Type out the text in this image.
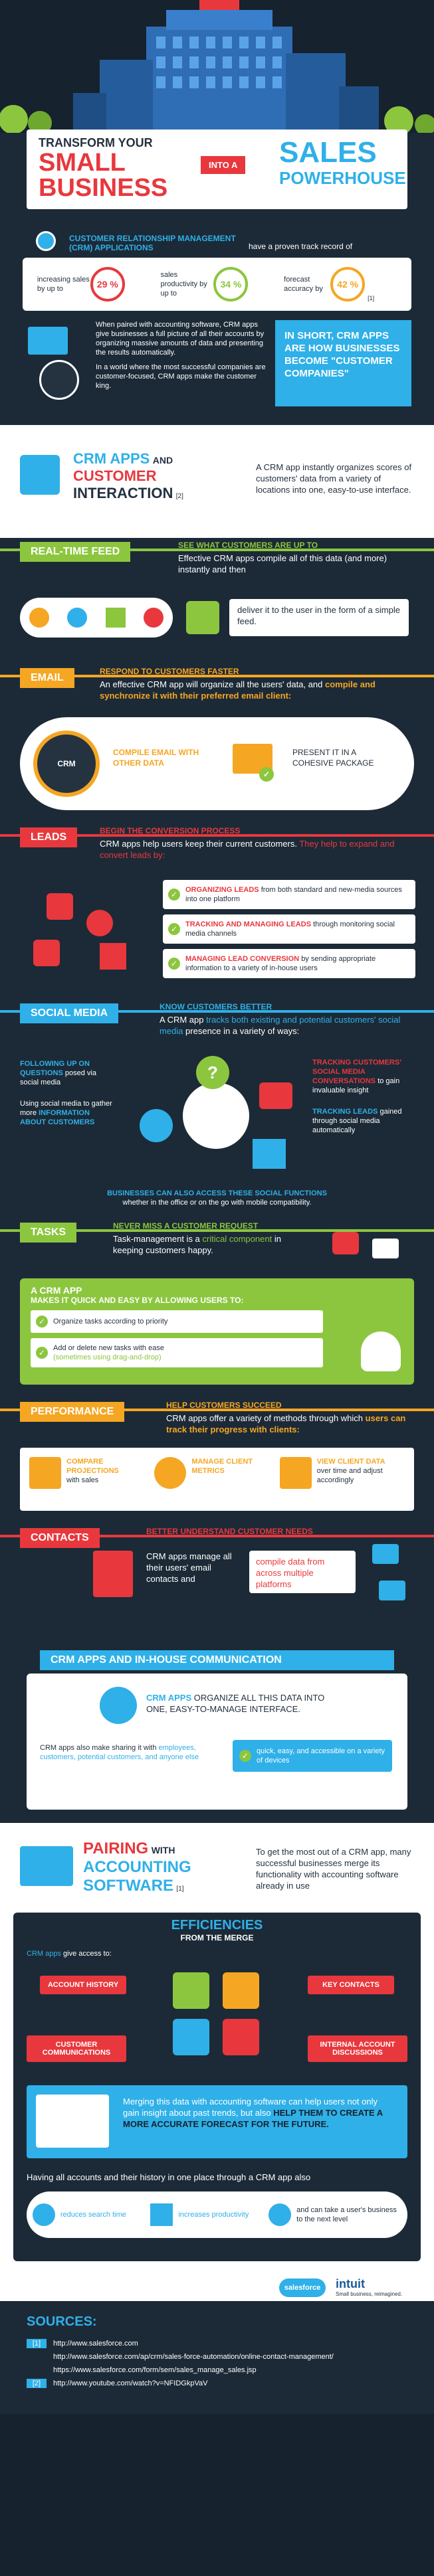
TRANSFORM YOUR
SMALL
BUSINESS
INTO A SALES
POWERHOUSE
CUSTOMER RELATIONSHIP MANAGEMENT (CRM) APPLICATIONS	have a proven track record of
increasing sales by up to	29 %
sales productivity by up to
34 %	forecast accuracy by	42 %
[1]
When paired with accounting software, CRM apps give businesses a full picture of all their accounts by organizing massive amounts of data and presenting the results automatically.
In a world where the most successful companies are customer-focused, CRM apps make the customer king.
IN SHORT, CRM APPS ARE HOW BUSINESSES BECOME "CUSTOMER COMPANIES"
CRM APPS AND
CUSTOMER
INTERACTION [2]
A CRM app instantly organizes scores of customers' data from a variety of locations into one, easy-to-use interface.
REAL-TIME FEED
SEE WHAT CUSTOMERS ARE UP TO
Effective CRM apps compile all of this data (and more) instantly and then
deliver it to the user in the form of a simple feed.
EMAIL
RESPOND TO CUSTOMERS FASTER
An effective CRM app will organize all the users' data, and compile and synchronize it with their preferred email client:
CRM
COMPILE EMAIL WITH OTHER DATA
✓
PRESENT IT IN A COHESIVE PACKAGE
LEADS
BEGIN THE CONVERSION PROCESS
CRM apps help users keep their current customers. They help to expand and convert leads by:
✓	ORGANIZING LEADS from both standard and new-media sources into one platform
✓	TRACKING AND MANAGING LEADS through monitoring social media channels
✓	MANAGING LEAD CONVERSION by sending appropriate information to a variety of in-house users
SOCIAL MEDIA
KNOW CUSTOMERS BETTER
A CRM app tracks both existing and potential customers' social media presence in a variety of ways:
FOLLOWING UP ON QUESTIONS posed via social media
Using social media to gather more INFORMATION ABOUT CUSTOMERS
?	TRACKING CUSTOMERS' SOCIAL MEDIA CONVERSATIONS to gain invaluable insight
TRACKING LEADS gained through social media automatically
BUSINESSES CAN ALSO ACCESS THESE SOCIAL FUNCTIONS
whether in the office or on the go with mobile compatibility.
TASKS
NEVER MISS A CUSTOMER REQUEST
Task-management is a critical component in keeping customers happy.
A CRM APP
MAKES IT QUICK AND EASY BY ALLOWING USERS TO:
✓	Organize tasks
according to priority
✓	Add or delete new tasks with ease
(sometimes using drag-and-drop)
PERFORMANCE
HELP CUSTOMERS SUCCEED
CRM apps offer a variety of methods through which users can track their progress with clients:
COMPARE PROJECTIONS
with sales
MANAGE CLIENT METRICS
VIEW CLIENT DATA
over time and adjust accordingly
CONTACTS
BETTER UNDERSTAND CUSTOMER NEEDS
CRM apps manage all their users' email contacts and
compile data from across multiple platforms
CRM APPS AND IN-HOUSE COMMUNICATION
CRM APPS ORGANIZE ALL THIS DATA INTO ONE, EASY-TO-MANAGE INTERFACE.
CRM apps also make sharing it with employees, customers, potential customers, and anyone else	✓	quick, easy, and accessible on a variety of devices
PAIRING WITH
ACCOUNTING
SOFTWARE [1]
To get the most out of a CRM app, many successful businesses merge its functionality with accounting software already in use
EFFICIENCIES
FROM THE MERGE
CRM apps give access to:
ACCOUNT HISTORY	KEY CONTACTS
CUSTOMER COMMUNICATIONS
INTERNAL ACCOUNT DISCUSSIONS
Merging this data with accounting software can help users not only gain insight about past trends, but also HELP THEM TO CREATE A MORE ACCURATE FORECAST FOR THE FUTURE.
Having all accounts and their history in one place through a CRM app also
reduces search time	increases productivity
and can take a user's business to the next level
salesforce intuit
Small business, reimagined.
SOURCES:
[1]	http://www.salesforce.com
http://www.salesforce.com/ap/crm/sales-force-automation/online-contact-management/
https://www.salesforce.com/form/sem/sales_manage_sales.jsp
[2]	http://www.youtube.com/watch?v=NFIDGkpVaV
